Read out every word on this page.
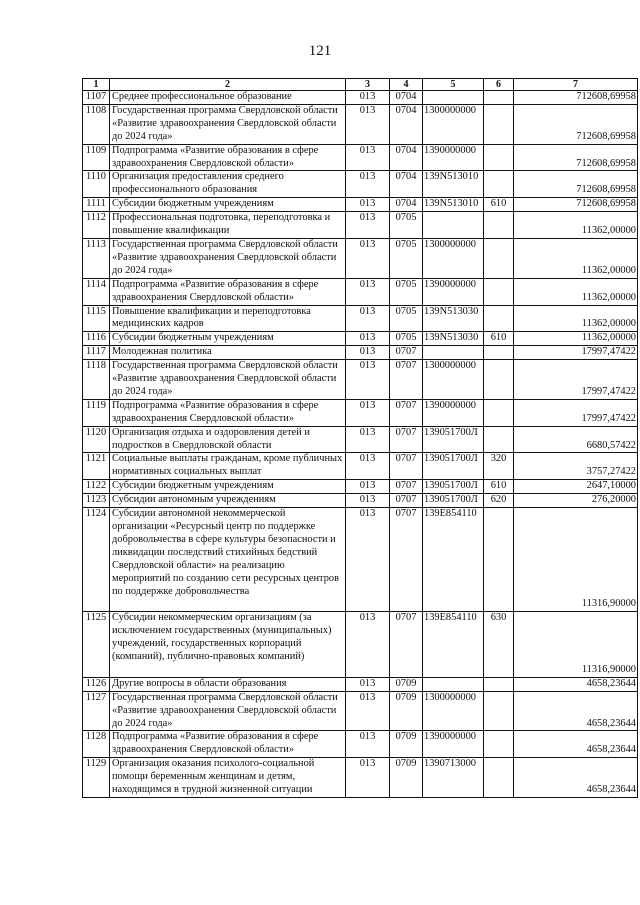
121
1	2	3	4	5	6	7
1107	Среднее профессиональное образование	013	0704			712608,69958
1108	Государственная программа Свердловской области «Развитие здравоохранения Свердловской области до 2024 года»	013	0704	1300000000		712608,69958
1109	Подпрограмма «Развитие образования в сфере здравоохранения Свердловской области»	013	0704	1390000000		712608,69958
1110	Организация предоставления среднего профессионального образования	013	0704	139N513010		712608,69958
1111	Субсидии бюджетным учреждениям	013	0704	139N513010	610	712608,69958
1112	Профессиональная подготовка, переподготовка и повышение квалификации	013	0705			11362,00000
1113	Государственная программа Свердловской области «Развитие здравоохранения Свердловской области до 2024 года»	013	0705	1300000000		11362,00000
1114	Подпрограмма «Развитие образования в сфере здравоохранения Свердловской области»	013	0705	1390000000		11362,00000
1115	Повышение квалификации и переподготовка медицинских кадров	013	0705	139N513030		11362,00000
1116	Субсидии бюджетным учреждениям	013	0705	139N513030	610	11362,00000
1117	Молодежная политика	013	0707			17997,47422
1118	Государственная программа Свердловской области «Развитие здравоохранения Свердловской области до 2024 года»	013	0707	1300000000		17997,47422
1119	Подпрограмма «Развитие образования в сфере здравоохранения Свердловской области»	013	0707	1390000000		17997,47422
1120	Организация отдыха и оздоровления детей и подростков в Свердловской области	013	0707	139051700Л		6680,57422
1121	Социальные выплаты гражданам, кроме публичных нормативных социальных выплат	013	0707	139051700Л	320	3757,27422
1122	Субсидии бюджетным учреждениям	013	0707	139051700Л	610	2647,10000
1123	Субсидии автономным учреждениям	013	0707	139051700Л	620	276,20000
1124	Субсидии автономной некоммерческой организации «Ресурсный центр по поддержке добровольчества в сфере культуры безопасности и ликвидации последствий стихийных бедствий Свердловской области» на реализацию мероприятий по созданию сети ресурсных центров по поддержке добровольчества	013	0707	139E854110		11316,90000
1125	Субсидии некоммерческим организациям (за исключением государственных (муниципальных) учреждений, государственных корпораций (компаний), публично-правовых компаний)	013	0707	139E854110	630	11316,90000
1126	Другие вопросы в области образования	013	0709			4658,23644
1127	Государственная программа Свердловской области «Развитие здравоохранения Свердловской области до 2024 года»	013	0709	1300000000		4658,23644
1128	Подпрограмма «Развитие образования в сфере здравоохранения Свердловской области»	013	0709	1390000000		4658,23644
1129	Организация оказания психолого-социальной помощи беременным женщинам и детям, находящимся в трудной жизненной ситуации	013	0709	1390713000		4658,23644
